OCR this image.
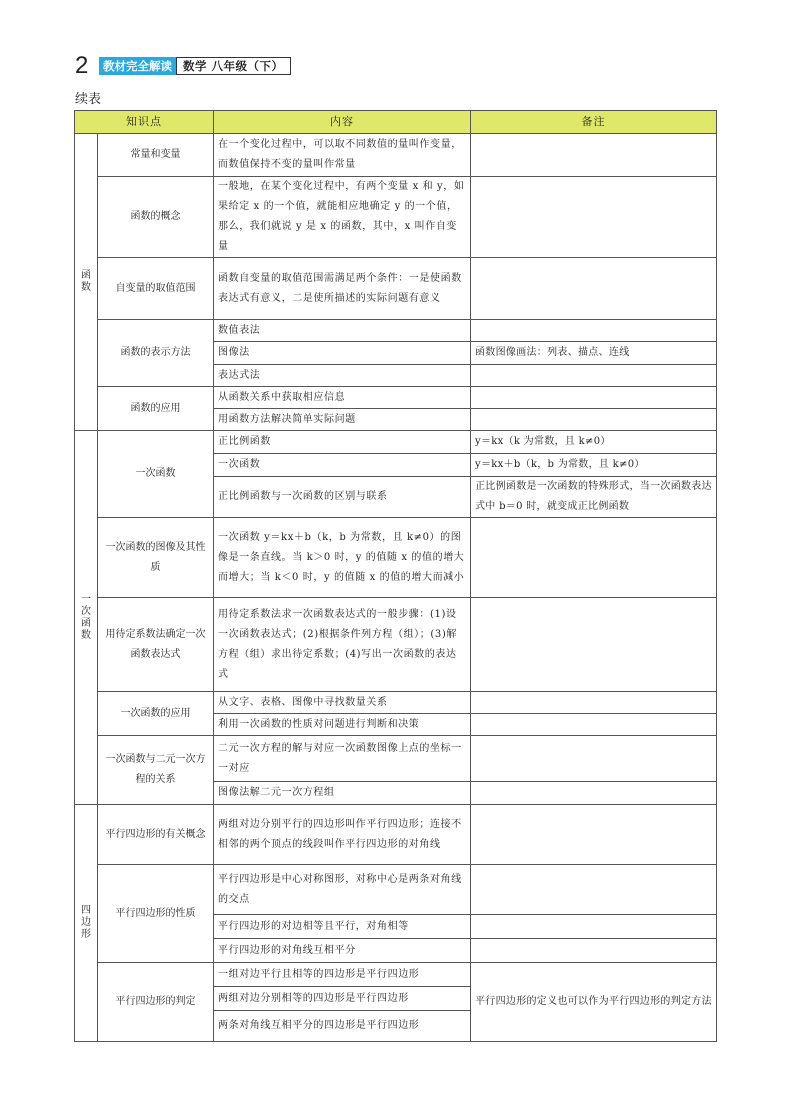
2	教材完全解读 数学 八年级（下）
续表
知识点		内容	备注
函数	常量和变量	在一个变化过程中，可以取不同数值的量叫作变量，而数值保持不变的量叫作常量	
	函数的概念	一般地，在某个变化过程中，有两个变量 x 和 y，如果给定 x 的一个值，就能相应地确定 y 的一个值，那么，我们就说 y 是 x 的函数，其中，x 叫作自变量	
	自变量的取值范围	函数自变量的取值范围需满足两个条件：一是使函数表达式有意义，二是使所描述的实际问题有意义	
	函数的表示方法	数值表法	
		图像法	函数图像画法：列表、描点、连线
		表达式法	
	函数的应用	从函数关系中获取相应信息	
		用函数方法解决简单实际问题	
一次函数	一次函数	正比例函数	y＝kx（k 为常数，且 k≠0）
		一次函数	y＝kx＋b（k，b 为常数，且 k≠0）
		正比例函数与一次函数的区别与联系	正比例函数是一次函数的特殊形式，当一次函数表达式中 b＝0 时，就变成正比例函数
	一次函数的图像及其性质	一次函数 y＝kx＋b（k，b 为常数，且 k≠0）的图像是一条直线。当 k＞0 时，y 的值随 x 的值的增大而增大；当 k＜0 时，y 的值随 x 的值的增大而减小	
	用待定系数法确定一次函数表达式	用待定系数法求一次函数表达式的一般步骤：(1)设一次函数表达式；(2)根据条件列方程（组）；(3)解方程（组）求出待定系数；(4)写出一次函数的表达式	
	一次函数的应用	从文字、表格、图像中寻找数量关系	
		利用一次函数的性质对问题进行判断和决策	
	一次函数与二元一次方程的关系	二元一次方程的解与对应一次函数图像上点的坐标一一对应	
		图像法解二元一次方程组	
四边形	平行四边形的有关概念	两组对边分别平行的四边形叫作平行四边形；连接不相邻的两个顶点的线段叫作平行四边形的对角线	
	平行四边形的性质	平行四边形是中心对称图形，对称中心是两条对角线的交点	
		平行四边形的对边相等且平行，对角相等	
		平行四边形的对角线互相平分	
	平行四边形的判定	一组对边平行且相等的四边形是平行四边形	平行四边形的定义也可以作为平行四边形的判定方法
		两组对边分别相等的四边形是平行四边形	
		两条对角线互相平分的四边形是平行四边形	
